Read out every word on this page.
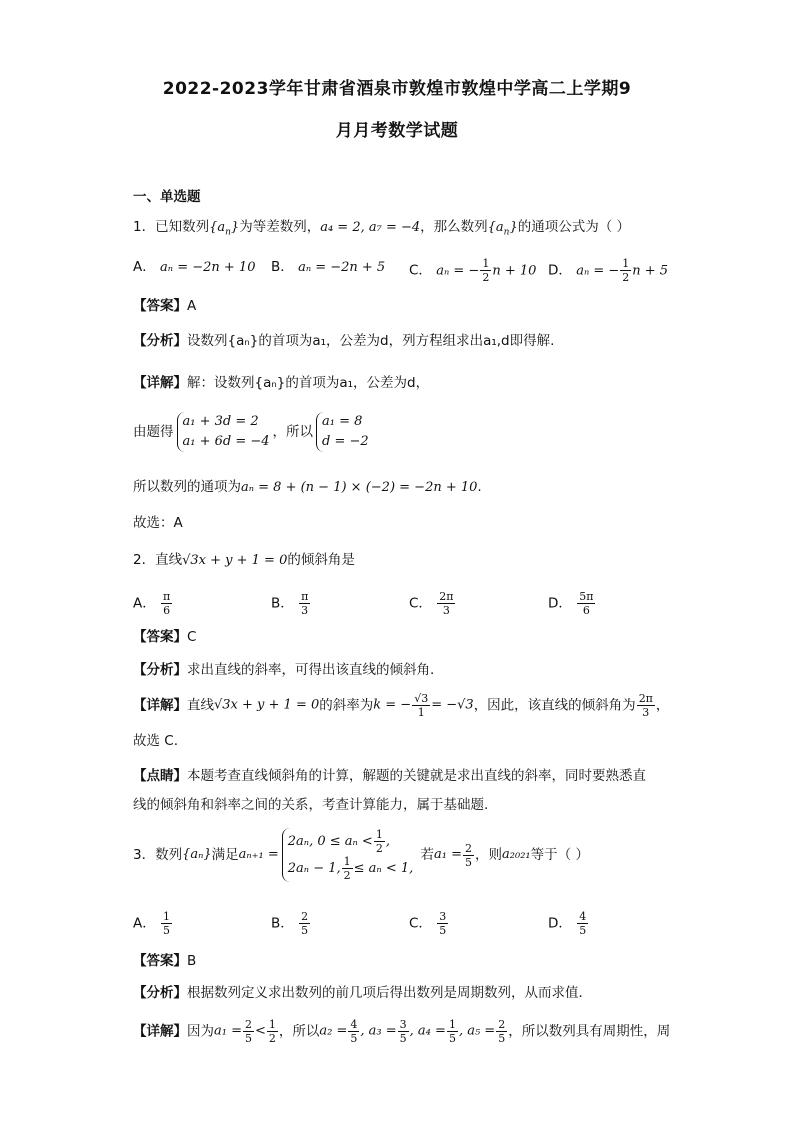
2022-2023学年甘肃省酒泉市敦煌市敦煌中学高二上学期9
月月考数学试题
一、单选题
1．已知数列$\{a_n\}$为等差数列，a₄ = 2, a₇ = −4，那么数列$\{a_n\}$的通项公式为（ ）
A． aₙ = −2n + 10 B． aₙ = −2n + 5 C． aₙ = − $\frac{1}{2}$ n + 10 D． aₙ = − $\frac{1}{2}$ n + 5
【答案】A
【分析】设数列{aₙ}的首项为a₁，公差为d，列方程组求出a₁,d即得解.
【详解】解：设数列{aₙ}的首项为a₁，公差为d，
由题得
a₁ + 3d = 2
a₁ + 6d = −4
，所以
a₁ = 8
d = −2
所以数列的通项为aₙ = 8 + (n − 1) × (−2) = −2n + 10.
故选：A
2．直线√3x + y + 1 = 0的倾斜角是
A． $\frac{\pi}{6}$	B． $\frac{\pi}{3}$	C． $\frac{2\pi}{3}$	D． $\frac{5\pi}{6}$
【答案】C
【分析】求出直线的斜率，可得出该直线的倾斜角.
【详解】直线√3x + y + 1 = 0的斜率为k = − $\frac{√3}{1} = -√3$，因此，该直线的倾斜角为 $\frac{2\pi}{3}$ ，
故选 C.
【点睛】本题考查直线倾斜角的计算，解题的关键就是求出直线的斜率，同时要熟悉直
线的倾斜角和斜率之间的关系，考查计算能力，属于基础题.
3．数列{aₙ}满足aₙ₊₁ =
2aₙ, $0 \le a_n < \frac{1}{2}$ ,
2aₙ − 1, $\frac{1}{2} \le a_n < 1$,
若$a_1 = \frac{2}{5}$ ，则a₂₀₂₁等于（ ）
A． $\frac{1}{5}$	B． $\frac{2}{5}$	C． $\frac{3}{5}$	D． $\frac{4}{5}$
【答案】B
【分析】根据数列定义求出数列的前几项后得出数列是周期数列，从而求值．
【详解】因为$a_1 = \frac{2}{5} < \frac{1}{2}$ ，所以$a_2 = \frac{4}{5}$ , $a_3 = \frac{3}{5}$ , $a_4 = \frac{1}{5}$ , $a_5 = \frac{2}{5}$ ，所以数列具有周期性，周
